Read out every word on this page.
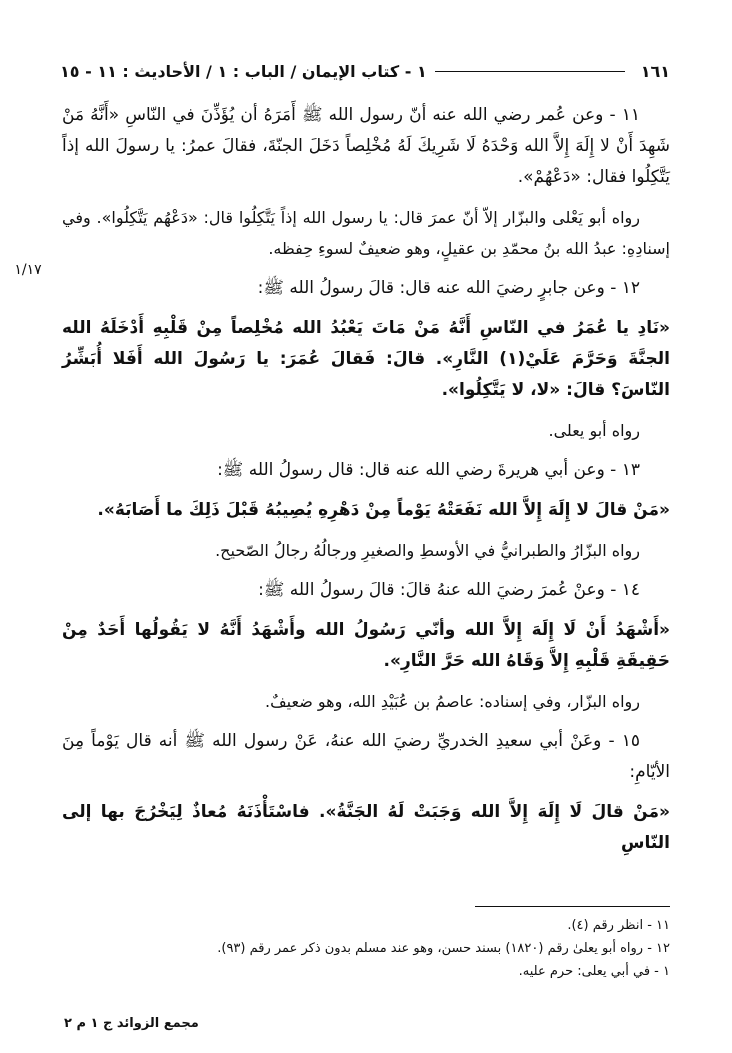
١٦١
١ - كتاب الإيمان / الباب : ١ / الأحاديث : ١١ - ١٥
١/١٧

١١ - وعن عُمر رضي الله عنه أنّ رسول الله ﷺ أَمَرَهُ أن يُؤَذِّنَ في النّاسِ «أَنَّهُ مَنْ شَهِدَ أَنْ لا إِلَهَ إِلاَّ الله وَحْدَهُ لَا شَرِيكَ لَهُ مُخْلِصاً دَخَلَ الجنّةَ، فقالَ عمرُ: يا رسولَ الله إذاً يَتَّكِلُوا فقال: «دَعْهُمْ».

رواه أبو يَعْلى والبزّار إلاّ أنّ عمرَ قال: يا رسول الله إذاً يَتَّكِلُوا قال: «دَعْهُم يَتَّكِلُوا». وفي إسنادِهِ: عبدُ الله بنُ محمّدِ بن عقيلٍ، وهو ضعيفٌ لسوءِ حِفظه.

١٢ - وعن جابرٍ رضيَ الله عنه قال: قالَ رسولُ الله ﷺ:

«نَادِ يا عُمَرُ في النّاسِ أَنَّهُ مَنْ مَاتَ يَعْبُدُ الله مُخْلِصاً مِنْ قَلْبِهِ أَدْخَلَهُ الله الجنَّةَ وَحَرَّمَ عَلَيْ(١) النَّارِ». قالَ: فَقالَ عُمَرَ: يا رَسُولَ الله أَفَلا أُبَشِّرُ النّاسَ؟ قالَ: «لا، لا يَتَّكِلُوا».

رواه أبو يعلى.

١٣ - وعن أبي هريرةَ رضي الله عنه قال: قال رسولُ الله ﷺ:

«مَنْ قالَ لا إِلَهَ إِلاَّ الله نَفَعَتْهُ يَوْماً مِنْ دَهْرِهِ يُصِيبُهُ قَبْلَ ذَلِكَ ما أَصَابَهُ».

رواه البزّارُ والطبرانيُّ في الأوسطِ والصغيرِ ورجالُهُ رجالُ الصّحيح.

١٤ - وعنْ عُمرَ رضيَ الله عنهُ قالَ: قالَ رسولُ الله ﷺ:

«أَشْهَدُ أَنْ لَا إِلَهَ إِلاَّ الله وأنّي رَسُولُ الله وأَشْهَدُ أَنَّهُ لا يَقُولُها أَحَدٌ مِنْ حَقِيقَةِ قَلْبِهِ إِلاَّ وَقَاهُ الله حَرَّ النَّارِ».

رواه البزّار، وفي إسناده: عاصمُ بن عُبَيْدِ الله، وهو ضعيفٌ.

١٥ - وعَنْ أبي سعيدِ الخدريِّ رضيَ الله عنهُ، عَنْ رسول الله ﷺ أنه قال يَوْماً مِنَ الأيّامِ:

«مَنْ قالَ لَا إِلَهَ إِلاَّ الله وَجَبَتْ لَهُ الجَنَّةُ». فاسْتَأْذَنَهُ مُعاذٌ لِيَخْرُجَ بها إلى النّاسِ

١١ - انظر رقم (٤).
١٢ - رواه أبو يعلىٰ رقم (١٨٢٠) بسند حسن، وهو عند مسلم بدون ذكر عمر رقم (٩٣).
١ - في أبي يعلى: حرم عليه.
مجمع الزوائد ج ١ م ٢
